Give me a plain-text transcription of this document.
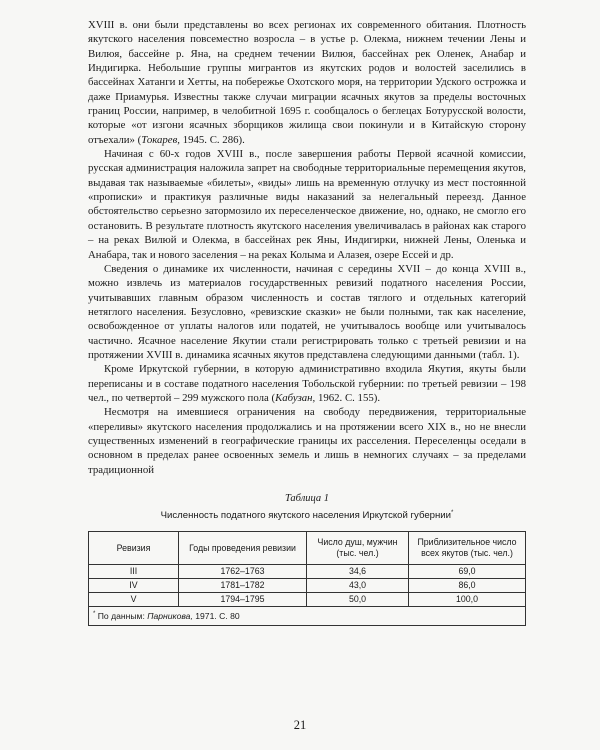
XVIII в. они были представлены во всех регионах их современного обитания. Плотность якутского населения повсеместно возросла – в устье р. Олекма, нижнем течении Лены и Вилюя, бассейне р. Яна, на среднем течении Вилюя, бассейнах рек Оленек, Анабар и Индигирка. Небольшие группы мигрантов из якутских родов и волостей заселились в бассейнах Хатанги и Хетты, на побережье Охотского моря, на территории Удского острожка и даже Приамурья. Известны также случаи миграции ясачных якутов за пределы восточных границ России, например, в челобитной 1695 г. сообщалось о беглецах Ботурусской волости, которые «от изгони ясачных зборщиков жилища свои покинули и в Китайскую сторону отъехали» (Токарев, 1945. С. 286).

Начиная с 60-х годов XVIII в., после завершения работы Первой ясачной комиссии, русская администрация наложила запрет на свободные территориальные перемещения якутов, выдавая так называемые «билеты», «виды» лишь на временную отлучку из мест постоянной «прописки» и практикуя различные виды наказаний за нелегальный переезд. Данное обстоятельство серьезно затормозило их переселенческое движение, но, однако, не смогло его остановить. В результате плотность якутского населения увеличивалась в районах как старого – на реках Вилюй и Олекма, в бассейнах рек Яны, Индигирки, нижней Лены, Оленька и Анабара, так и нового заселения – на реках Колыма и Алазея, озере Ессей и др.

Сведения о динамике их численности, начиная с середины XVII – до конца XVIII в., можно извлечь из материалов государственных ревизий податного населения России, учитывавших главным образом численность и состав тяглого и отдельных категорий нетяглого населения. Безусловно, «ревизские сказки» не были полными, так как население, освобожденное от уплаты налогов или податей, не учитывалось вообще или учитывалось частично. Ясачное население Якутии стали регистрировать только с третьей ревизии и на протяжении XVIII в. динамика ясачных якутов представлена следующими данными (табл. 1).

Кроме Иркутской губернии, в которую административно входила Якутия, якуты были переписаны и в составе податного населения Тобольской губернии: по третьей ревизии – 198 чел., по четвертой – 299 мужского пола (Кабузан, 1962. С. 155).

Несмотря на имевшиеся ограничения на свободу передвижения, территориальные «переливы» якутского населения продолжались и на протяжении всего XIX в., но не внесли существенных изменений в географические границы их расселения. Переселенцы оседали в основном в пределах ранее освоенных земель и лишь в немногих случаях – за пределами традиционной

Таблица 1
Численность податного якутского населения Иркутской губернии*
Ревизия	Годы проведения ревизии	Число душ, мужчин (тыс. чел.)	Приблизительное число всех якутов (тыс. чел.)
III	1762–1763	34,6	69,0
IV	1781–1782	43,0	86,0
V	1794–1795	50,0	100,0
* По данным: Парникова, 1971. С. 80
21
